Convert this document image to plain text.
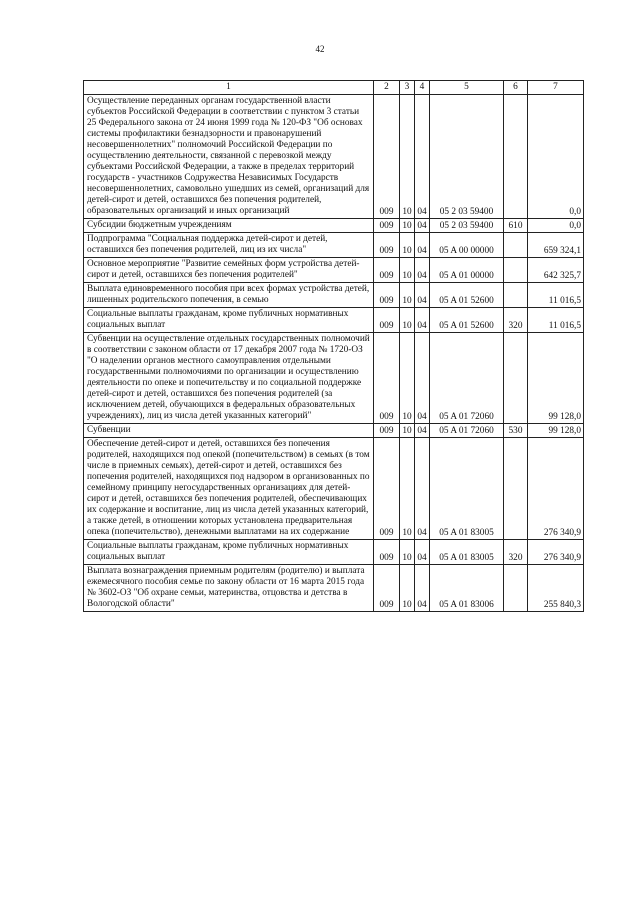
42
1	2	3	4	5	6	7
Осуществление переданных органам государственной власти субъектов Российской Федерации в соответствии с пунктом 3 статьи 25 Федерального закона от 24 июня 1999 года № 120-ФЗ "Об основах системы профилактики безнадзорности и правонарушений несовершеннолетних" полномочий Российской Федерации по осуществлению деятельности, связанной с перевозкой между субъектами Российской Федерации, а также в пределах территорий государств - участников Содружества Независимых Государств несовершеннолетних, самовольно ушедших из семей, организаций для детей-сирот и детей, оставшихся без попечения родителей, образовательных организаций и иных организаций	009	10	04	05 2 03 59400		0,0
Субсидии бюджетным учреждениям	009	10	04	05 2 03 59400	610	0,0
Подпрограмма "Социальная поддержка детей-сирот и детей, оставшихся без попечения родителей, лиц из их числа"	009	10	04	05 A 00 00000		659 324,1
Основное мероприятие "Развитие семейных форм устройства детей-сирот и детей, оставшихся без попечения родителей"	009	10	04	05 A 01 00000		642 325,7
Выплата единовременного пособия при всех формах устройства детей, лишенных родительского попечения, в семью	009	10	04	05 A 01 52600		11 016,5
Социальные выплаты гражданам, кроме публичных нормативных социальных выплат	009	10	04	05 A 01 52600	320	11 016,5
Субвенции на осуществление отдельных государственных полномочий в соответствии с законом области от 17 декабря 2007 года № 1720-ОЗ "О наделении органов местного самоуправления отдельными государственными полномочиями по организации и осуществлению деятельности по опеке и попечительству и по социальной поддержке детей-сирот и детей, оставшихся без попечения родителей (за исключением детей, обучающихся в федеральных образовательных учреждениях), лиц из числа детей указанных категорий"	009	10	04	05 A 01 72060		99 128,0
Субвенции	009	10	04	05 A 01 72060	530	99 128,0
Обеспечение детей-сирот и детей, оставшихся без попечения родителей, находящихся под опекой (попечительством) в семьях (в том числе в приемных семьях), детей-сирот и детей, оставшихся без попечения родителей, находящихся под надзором в организованных по семейному принципу негосударственных организациях для детей-сирот и детей, оставшихся без попечения родителей, обеспечивающих их содержание и воспитание, лиц из числа детей указанных категорий, а также детей, в отношении которых установлена предварительная опека (попечительство), денежными выплатами на их содержание	009	10	04	05 A 01 83005		276 340,9
Социальные выплаты гражданам, кроме публичных нормативных социальных выплат	009	10	04	05 A 01 83005	320	276 340,9
Выплата вознаграждения приемным родителям (родителю) и выплата ежемесячного пособия семье по закону области от 16 марта 2015 года № 3602-ОЗ "Об охране семьи, материнства, отцовства и детства в Вологодской области"	009	10	04	05 A 01 83006		255 840,3
